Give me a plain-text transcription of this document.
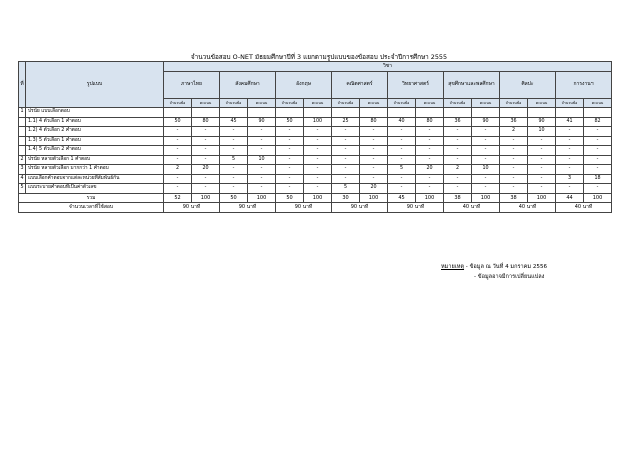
จำนวนข้อสอบ O-NET มัธยมศึกษาปีที่ 3 แยกตามรูปแบบของข้อสอบ ประจำปีการศึกษา 2555
ที่	รูปแบบ	วิชา															
		ภาษาไทย		สังคมศึกษา		อังกฤษ		คณิตศาสตร์		วิทยาศาสตร์		สุขศึกษาและพลศึกษา		ศิลปะ		การงานฯ	
		จำนวนข้อ	คะแนน	จำนวนข้อ	คะแนน	จำนวนข้อ	คะแนน	จำนวนข้อ	คะแนน	จำนวนข้อ	คะแนน	จำนวนข้อ	คะแนน	จำนวนข้อ	คะแนน	จำนวนข้อ	คะแนน
1	ปรนัย แบบเลือกตอบ																
	1.1) 4 ตัวเลือก 1 คำตอบ	50	80	45	90	50	100	25	80	40	80	36	90	36	90	41	82
	1.2) 4 ตัวเลือก 2 คำตอบ	-	-	-	-	-	-	-	-	-	-	-	-	2	10	-	-
	1.3) 5 ตัวเลือก 1 คำตอบ	-	-	-	-	-	-	-	-	-	-	-	-	-	-	-	-
	1.4) 5 ตัวเลือก 2 คำตอบ	-	-	-	-	-	-	-	-	-	-	-	-	-	-	-	-
2	ปรนัย หลายตัวเลือก 1 คำตอบ	-	-	5	10	-	-	-	-	-	-	-	-	-	-	-	-
3	ปรนัย หลายตัวเลือก มากกว่า 1 คำตอบ	2	20	-	-	-	-	-	-	5	20	2	10	-	-	-	-
4	แบบเลือกคำตอบจากแต่ละหน่วยที่สัมพันธ์กัน	-	-	-	-	-	-	-	-	-	-	-	-	-	-	3	18
5	แบบระบายคำตอบที่เป็นค่าตัวเลข	-	-	-	-	-	-	5	20	-	-	-	-	-	-	-	-
รวม		52	100	50	100	50	100	30	100	45	100	38	100	38	100	44	100
จำนวนเวลาที่ใช้สอบ		90 นาที		90 นาที		90 นาที		90 นาที		90 นาที		40 นาที		40 นาที		40 นาที	
หมายเหตุ - ข้อมูล ณ วันที่ 4 มกราคม 2556
- ข้อมูลอาจมีการเปลี่ยนแปลง
